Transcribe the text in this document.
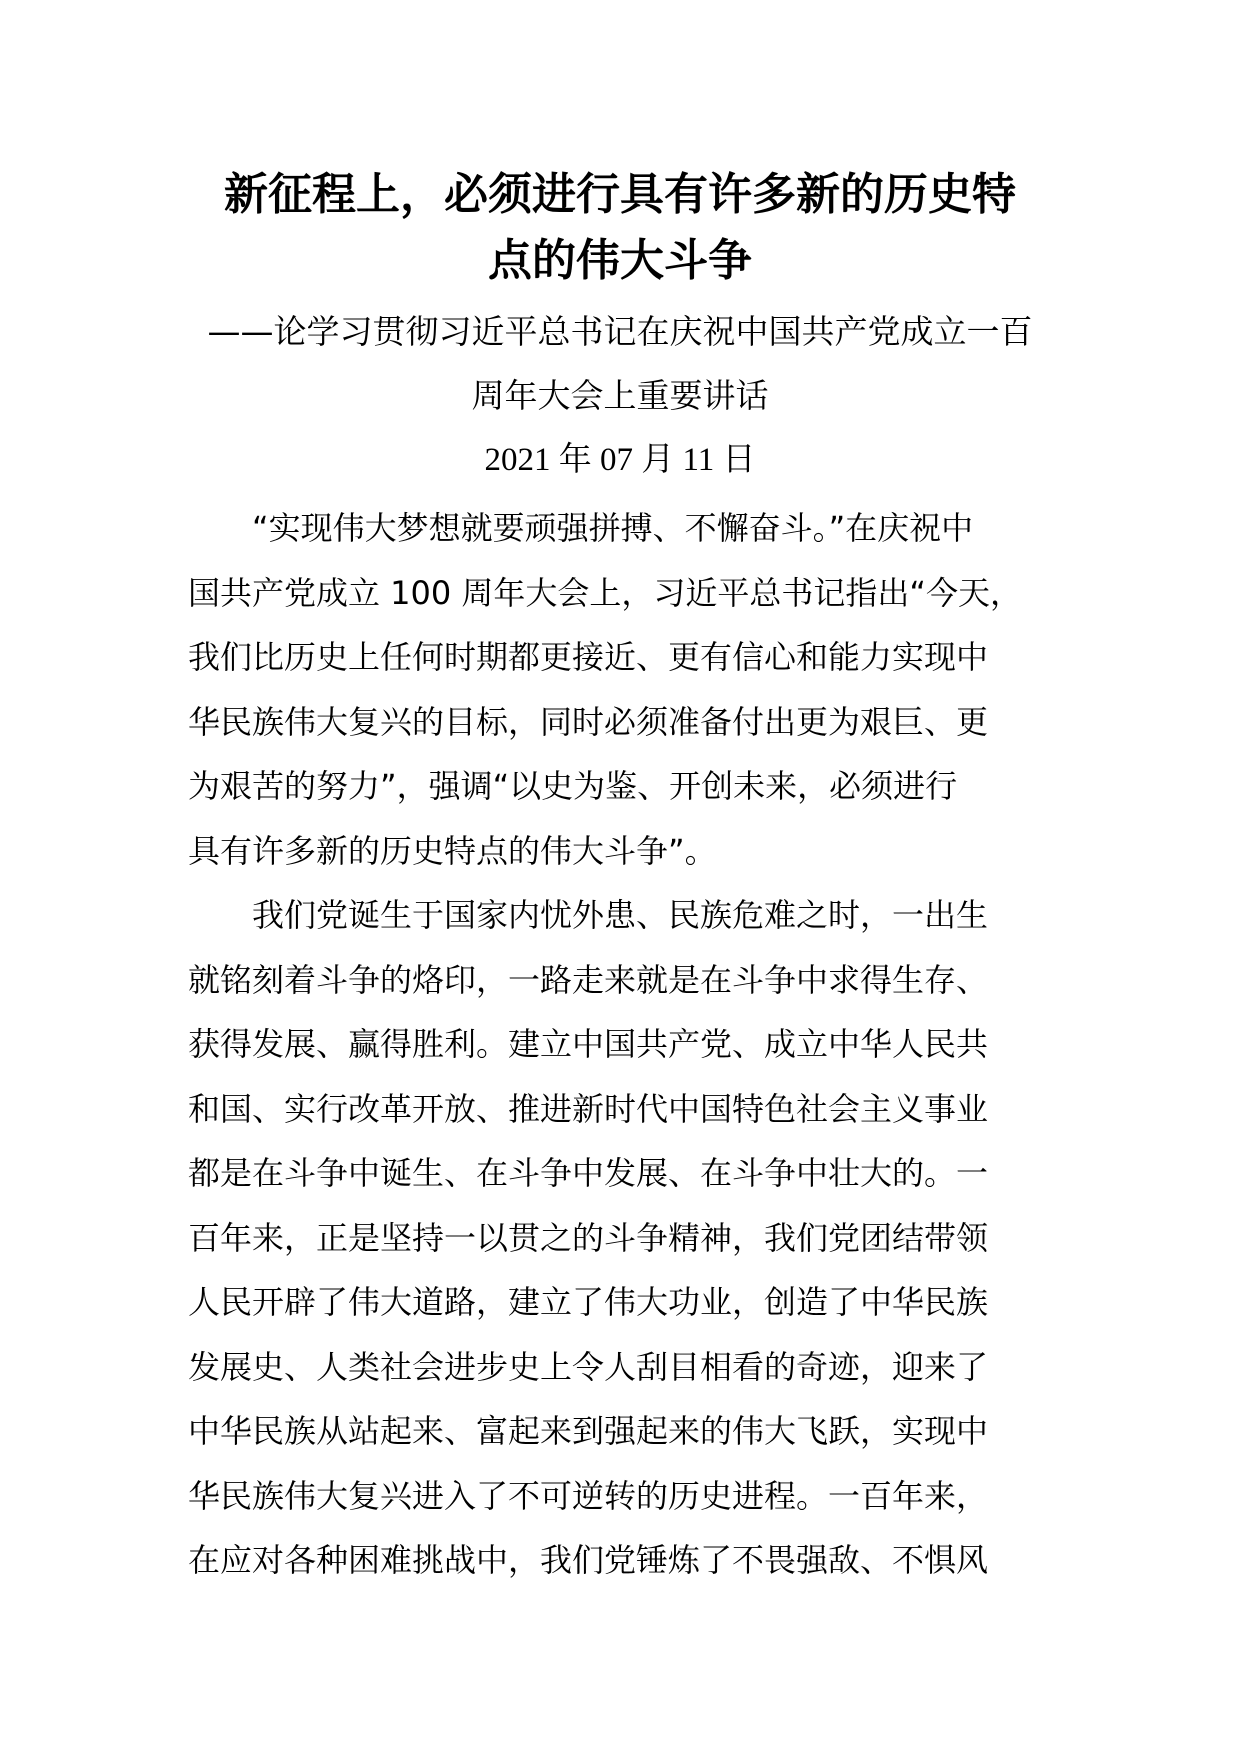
新征程上，必须进行具有许多新的历史特
点的伟大斗争
——论学习贯彻习近平总书记在庆祝中国共产党成立一百
周年大会上重要讲话
2021 年 07 月 11 日
“实现伟大梦想就要顽强拼搏、不懈奋斗。”在庆祝中
国共产党成立 100 周年大会上，习近平总书记指出“今天，
我们比历史上任何时期都更接近、更有信心和能力实现中
华民族伟大复兴的目标，同时必须准备付出更为艰巨、更
为艰苦的努力”，强调“以史为鉴、开创未来，必须进行
具有许多新的历史特点的伟大斗争”。
我们党诞生于国家内忧外患、民族危难之时，一出生
就铭刻着斗争的烙印，一路走来就是在斗争中求得生存、
获得发展、赢得胜利。建立中国共产党、成立中华人民共
和国、实行改革开放、推进新时代中国特色社会主义事业
都是在斗争中诞生、在斗争中发展、在斗争中壮大的。一
百年来，正是坚持一以贯之的斗争精神，我们党团结带领
人民开辟了伟大道路，建立了伟大功业，创造了中华民族
发展史、人类社会进步史上令人刮目相看的奇迹，迎来了
中华民族从站起来、富起来到强起来的伟大飞跃，实现中
华民族伟大复兴进入了不可逆转的历史进程。一百年来，
在应对各种困难挑战中，我们党锤炼了不畏强敌、不惧风
